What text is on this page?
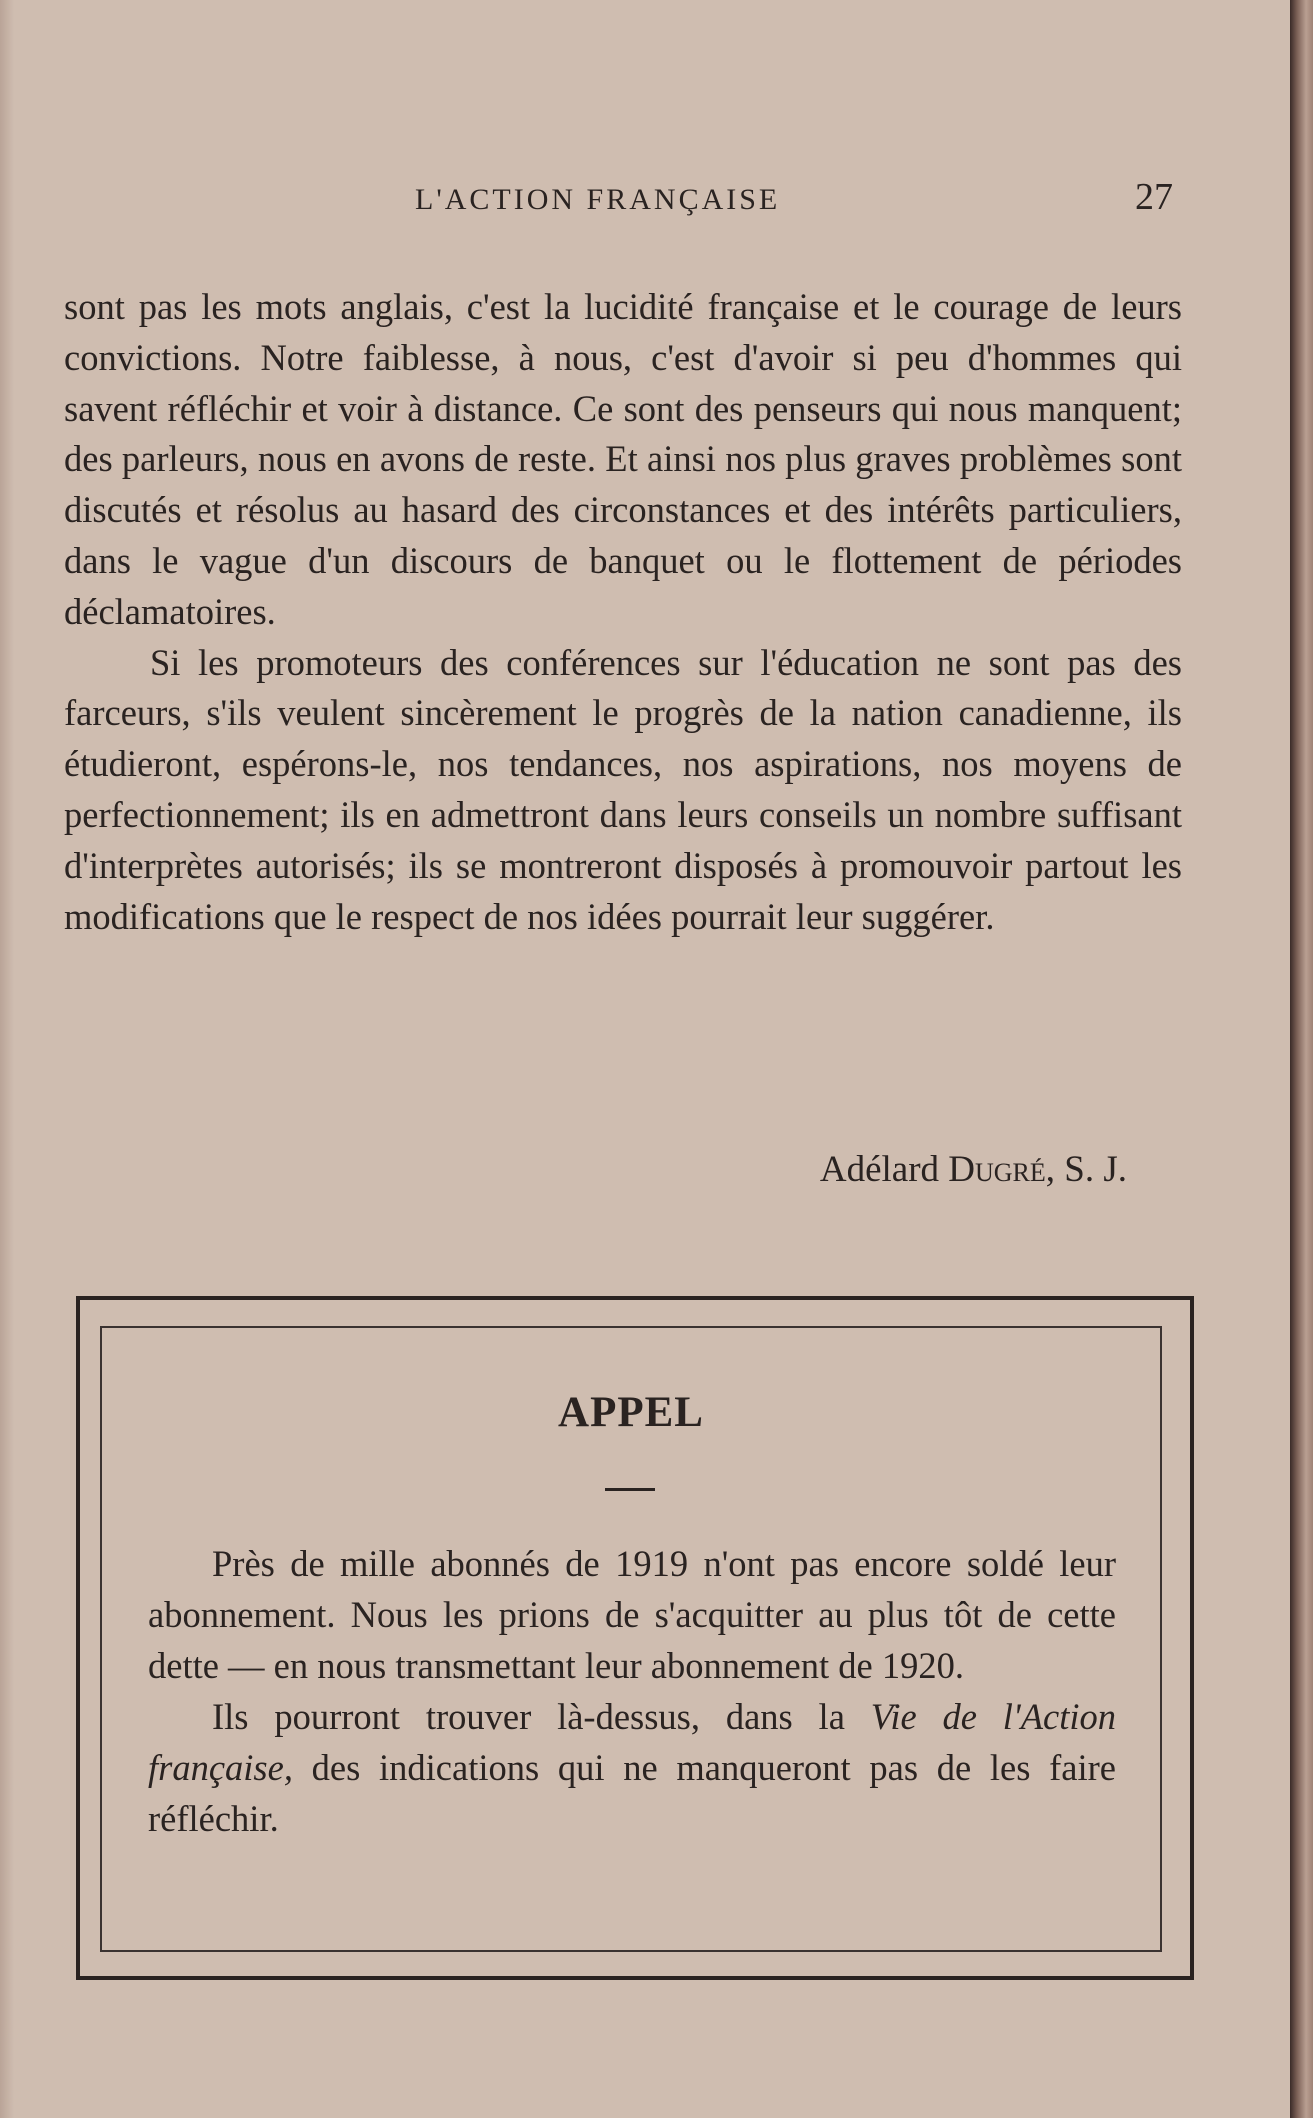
L'ACTION FRANÇAISE	27

sont pas les mots anglais, c'est la lucidité française et le courage de leurs convictions. Notre faiblesse, à nous, c'est d'avoir si peu d'hommes qui savent réfléchir et voir à distance. Ce sont des penseurs qui nous manquent; des parleurs, nous en avons de reste. Et ainsi nos plus graves problèmes sont discutés et résolus au hasard des circonstances et des intérêts particuliers, dans le vague d'un discours de banquet ou le flottement de périodes déclamatoires.

Si les promoteurs des conférences sur l'éducation ne sont pas des farceurs, s'ils veulent sincèrement le progrès de la nation canadienne, ils étudieront, espérons-le, nos tendances, nos aspirations, nos moyens de perfectionnement; ils en admettront dans leurs conseils un nombre suffisant d'interprètes autorisés; ils se montreront disposés à promouvoir partout les modifications que le respect de nos idées pourrait leur suggérer.

Adélard Dugré, S. J.
APPEL

Près de mille abonnés de 1919 n'ont pas encore soldé leur abonnement. Nous les prions de s'acquitter au plus tôt de cette dette — en nous transmettant leur abonnement de 1920.

Ils pourront trouver là-dessus, dans la Vie de l'Action française, des indications qui ne manqueront pas de les faire réfléchir.
